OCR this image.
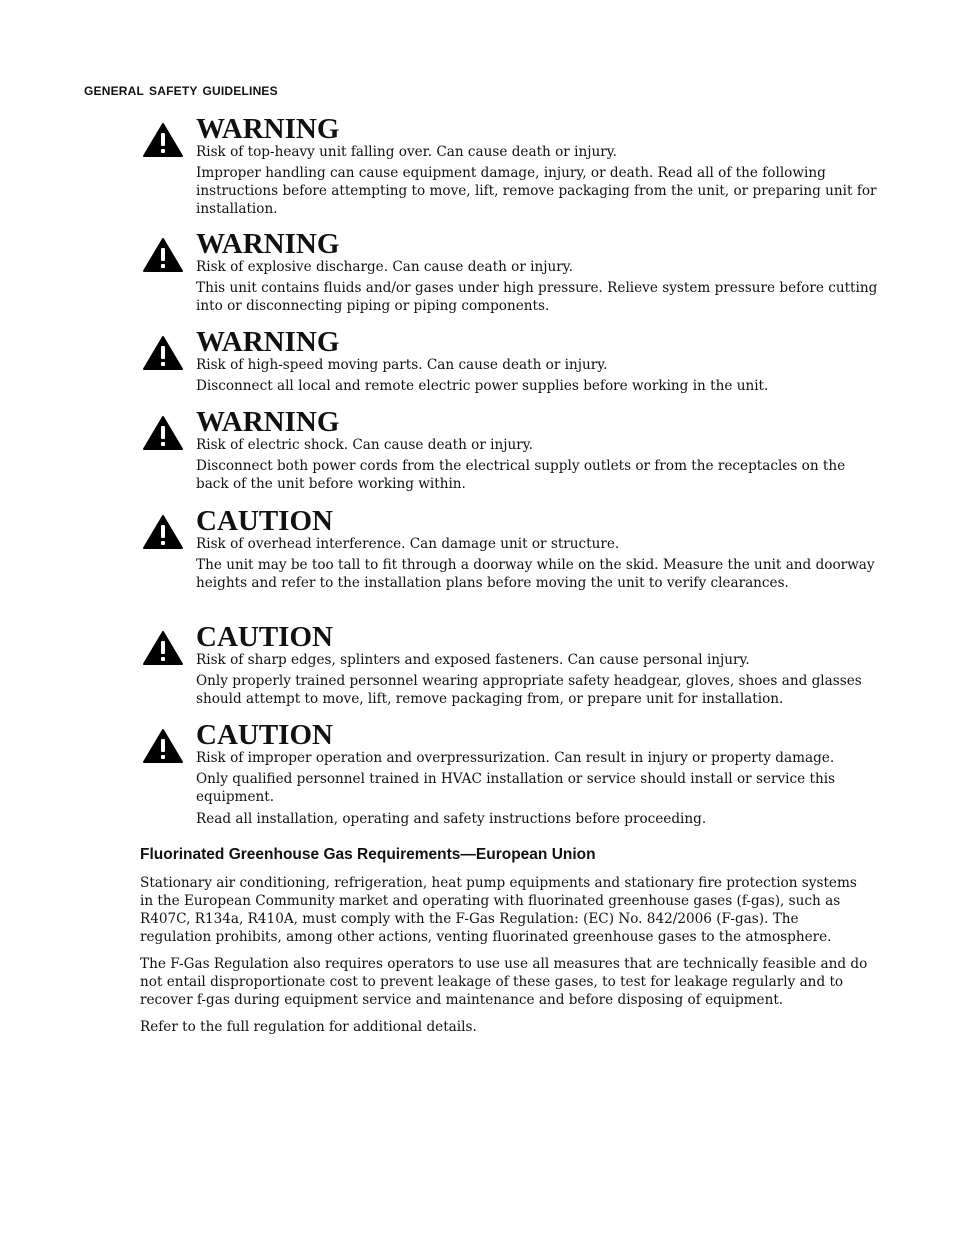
general safety guidelines
WARNING

Risk of top-heavy unit falling over. Can cause death or injury.

Improper handling can cause equipment damage, injury, or death. Read all of the following instructions before attempting to move, lift, remove packaging from the unit, or preparing unit for installation.

WARNING

Risk of explosive discharge. Can cause death or injury.

This unit contains fluids and/or gases under high pressure. Relieve system pressure before cutting into or disconnecting piping or piping components.

WARNING

Risk of high-speed moving parts. Can cause death or injury.

Disconnect all local and remote electric power supplies before working in the unit.

WARNING

Risk of electric shock. Can cause death or injury.

Disconnect both power cords from the electrical supply outlets or from the receptacles on the back of the unit before working within.

CAUTION

Risk of overhead interference. Can damage unit or structure.

The unit may be too tall to fit through a doorway while on the skid. Measure the unit and doorway heights and refer to the installation plans before moving the unit to verify clearances.

CAUTION

Risk of sharp edges, splinters and exposed fasteners. Can cause personal injury.

Only properly trained personnel wearing appropriate safety headgear, gloves, shoes and glasses should attempt to move, lift, remove packaging from, or prepare unit for installation.

CAUTION

Risk of improper operation and overpressurization. Can result in injury or property damage.

Only qualified personnel trained in HVAC installation or service should install or service this equipment.

Read all installation, operating and safety instructions before proceeding.

Fluorinated Greenhouse Gas Requirements—European Union

Stationary air conditioning, refrigeration, heat pump equipments and stationary fire protection systems in the European Community market and operating with fluorinated greenhouse gases (f-gas), such as R407C, R134a, R410A, must comply with the F-Gas Regulation: (EC) No. 842/2006 (F-gas). The regulation prohibits, among other actions, venting fluorinated greenhouse gases to the atmosphere.

The F-Gas Regulation also requires operators to use use all measures that are technically feasible and do not entail disproportionate cost to prevent leakage of these gases, to test for leakage regularly and to recover f-gas during equipment service and maintenance and before disposing of equipment.

Refer to the full regulation for additional details.
